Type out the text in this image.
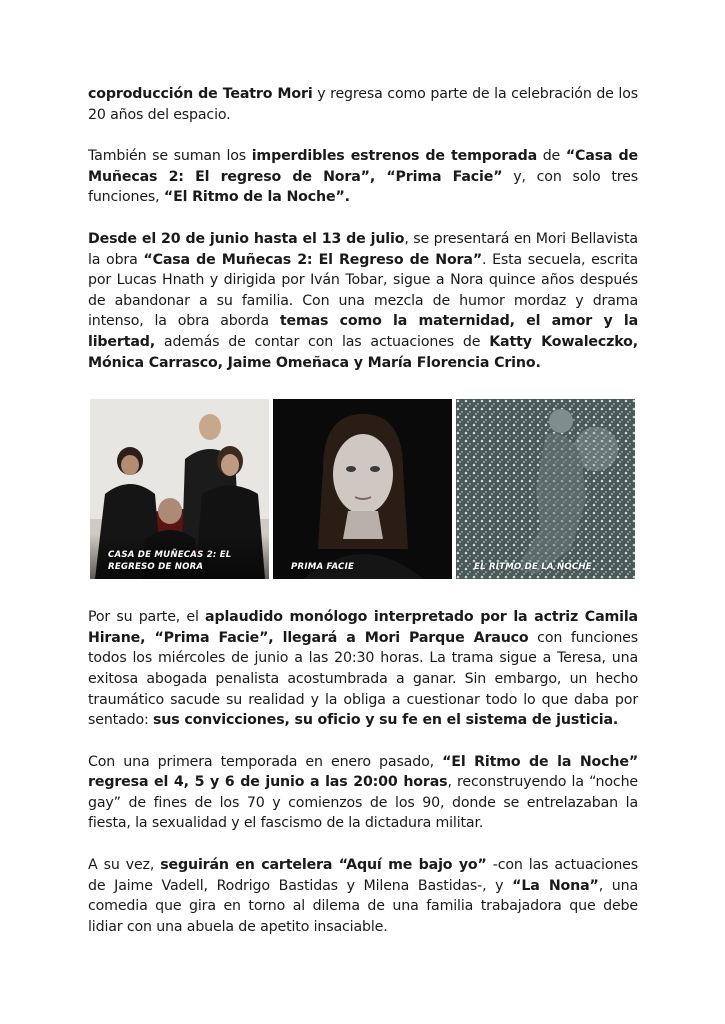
coproducción de Teatro Mori y regresa como parte de la celebración de los 20 años del espacio.

También se suman los imperdibles estrenos de temporada de “Casa de Muñecas 2: El regreso de Nora”, “Prima Facie” y, con solo tres funciones, “El Ritmo de la Noche”.

Desde el 20 de junio hasta el 13 de julio, se presentará en Mori Bellavista la obra “Casa de Muñecas 2: El Regreso de Nora”. Esta secuela, escrita por Lucas Hnath y dirigida por Iván Tobar, sigue a Nora quince años después de abandonar a su familia. Con una mezcla de humor mordaz y drama intenso, la obra aborda temas como la maternidad, el amor y la libertad, además de contar con las actuaciones de Katty Kowaleczko, Mónica Carrasco, Jaime Omeñaca y María Florencia Crino.

CASA DE MUÑECAS 2: EL
REGRESO DE NORA	PRIMA FACIE	EL RITMO DE LA NOCHE

Por su parte, el aplaudido monólogo interpretado por la actriz Camila Hirane, “Prima Facie”, llegará a Mori Parque Arauco con funciones todos los miércoles de junio a las 20:30 horas. La trama sigue a Teresa, una exitosa abogada penalista acostumbrada a ganar. Sin embargo, un hecho traumático sacude su realidad y la obliga a cuestionar todo lo que daba por sentado: sus convicciones, su oficio y su fe en el sistema de justicia.

Con una primera temporada en enero pasado, “El Ritmo de la Noche” regresa el 4, 5 y 6 de junio a las 20:00 horas, reconstruyendo la “noche gay” de fines de los 70 y comienzos de los 90, donde se entrelazaban la fiesta, la sexualidad y el fascismo de la dictadura militar.

A su vez, seguirán en cartelera “Aquí me bajo yo” -con las actuaciones de Jaime Vadell, Rodrigo Bastidas y Milena Bastidas-, y “La Nona”, una comedia que gira en torno al dilema de una familia trabajadora que debe lidiar con una abuela de apetito insaciable.
